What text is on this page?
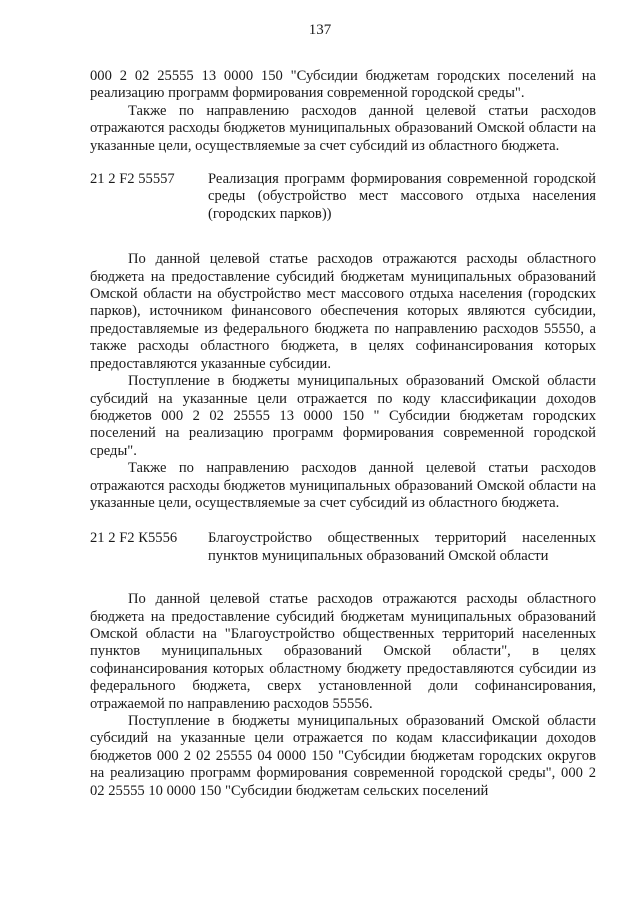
137

000 2 02 25555 13 0000 150 "Субсидии бюджетам городских поселений на реализацию программ формирования современной городской среды".

Также по направлению расходов данной целевой статьи расходов отражаются расходы бюджетов муниципальных образований Омской области на указанные цели, осуществляемые за счет субсидий из областного бюджета.

21 2 F2 55557 Реализация программ формирования современной городской среды (обустройство мест массового отдыха населения (городских парков))

По данной целевой статье расходов отражаются расходы областного бюджета на предоставление субсидий бюджетам муниципальных образований Омской области на обустройство мест массового отдыха населения (городских парков), источником финансового обеспечения которых являются субсидии, предоставляемые из федерального бюджета по направлению расходов 55550, а также расходы областного бюджета, в целях софинансирования которых предоставляются указанные субсидии.

Поступление в бюджеты муниципальных образований Омской области субсидий на указанные цели отражается по коду классификации доходов бюджетов 000 2 02 25555 13 0000 150 " Субсидии бюджетам городских поселений на реализацию программ формирования современной городской среды".

Также по направлению расходов данной целевой статьи расходов отражаются расходы бюджетов муниципальных образований Омской области на указанные цели, осуществляемые за счет субсидий из областного бюджета.

21 2 F2 К5556 Благоустройство общественных территорий населенных пунктов муниципальных образований Омской области

По данной целевой статье расходов отражаются расходы областного бюджета на предоставление субсидий бюджетам муниципальных образований Омской области на "Благоустройство общественных территорий населенных пунктов муниципальных образований Омской области", в целях софинансирования которых областному бюджету предоставляются субсидии из федерального бюджета, сверх установленной доли софинансирования, отражаемой по направлению расходов 55556.

Поступление в бюджеты муниципальных образований Омской области субсидий на указанные цели отражается по кодам классификации доходов бюджетов 000 2 02 25555 04 0000 150 "Субсидии бюджетам городских округов на реализацию программ формирования современной городской среды", 000 2 02 25555 10 0000 150 "Субсидии бюджетам сельских поселений
